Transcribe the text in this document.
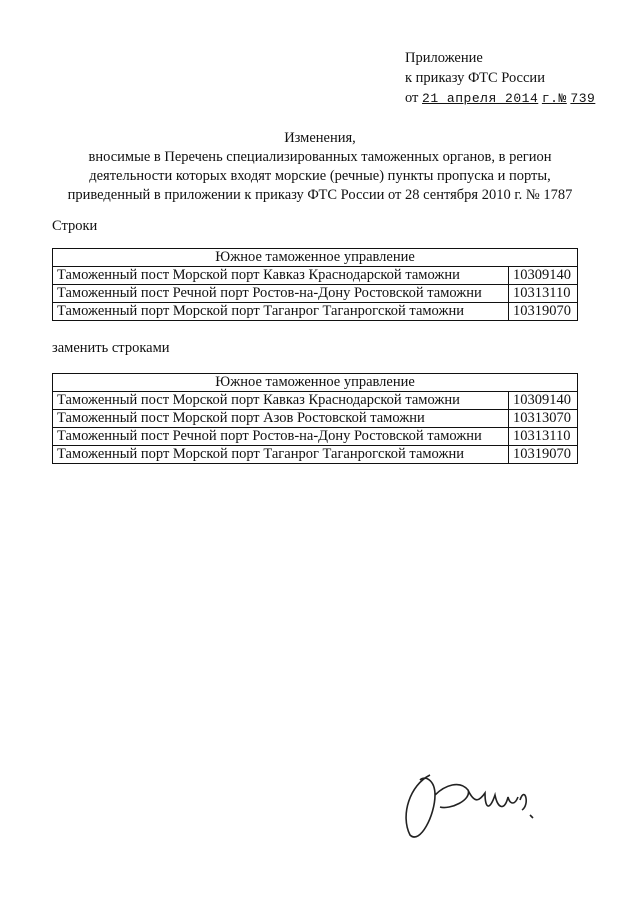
Приложение
к приказу ФТС России
от 21 апреля 2014 г.№ 739
Изменения,
вносимые в Перечень специализированных таможенных органов, в регион
деятельности которых входят морские (речные) пункты пропуска и порты,
приведенный в приложении к приказу ФТС России от 28 сентября 2010 г. № 1787
Строки
Южное таможенное управление	
Таможенный пост Морской порт Кавказ Краснодарской таможни	10309140
Таможенный пост Речной порт Ростов-на-Дону Ростовской таможни	10313110
Таможенный порт Морской порт Таганрог Таганрогской таможни	10319070
заменить строками
Южное таможенное управление	
Таможенный пост Морской порт Кавказ Краснодарской таможни	10309140
Таможенный пост Морской порт Азов Ростовской таможни	10313070
Таможенный пост Речной порт Ростов-на-Дону Ростовской таможни	10313110
Таможенный порт Морской порт Таганрог Таганрогской таможни	10319070
